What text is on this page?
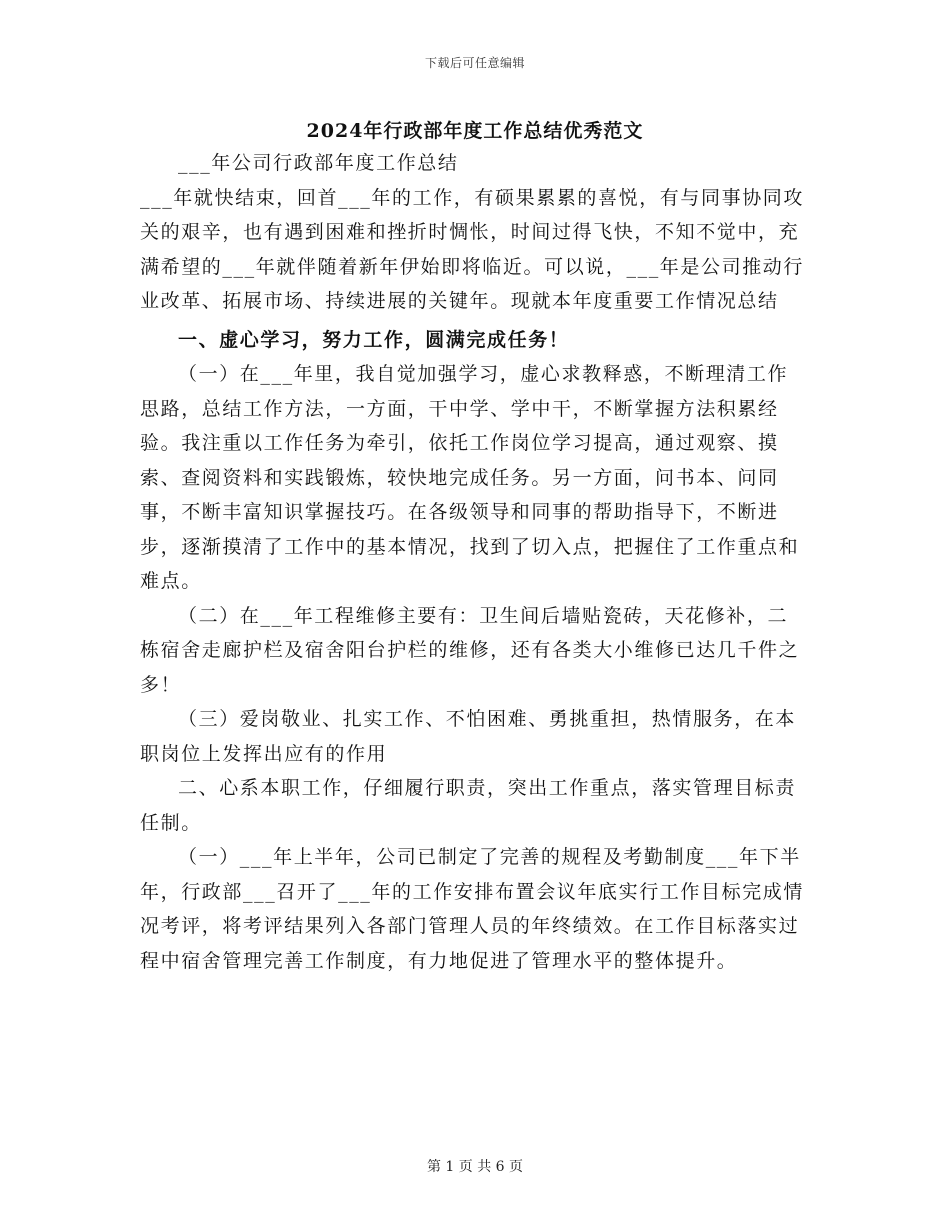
下载后可任意编辑
2024年行政部年度工作总结优秀范文

___年公司行政部年度工作总结

___年就快结束，回首___年的工作，有硕果累累的喜悦，有与同事协同攻关的艰辛，也有遇到困难和挫折时惆怅，时间过得飞快，不知不觉中，充满希望的___年就伴随着新年伊始即将临近。可以说，___年是公司推动行业改革、拓展市场、持续进展的关键年。现就本年度重要工作情况总结

一、虚心学习，努力工作，圆满完成任务！

（一）在___年里，我自觉加强学习，虚心求教释惑，不断理清工作思路，总结工作方法，一方面，干中学、学中干，不断掌握方法积累经验。我注重以工作任务为牵引，依托工作岗位学习提高，通过观察、摸索、查阅资料和实践锻炼，较快地完成任务。另一方面，问书本、问同事，不断丰富知识掌握技巧。在各级领导和同事的帮助指导下，不断进步，逐渐摸清了工作中的基本情况，找到了切入点，把握住了工作重点和难点。

（二）在___年工程维修主要有：卫生间后墙贴瓷砖，天花修补，二栋宿舍走廊护栏及宿舍阳台护栏的维修，还有各类大小维修已达几千件之多！

（三）爱岗敬业、扎实工作、不怕困难、勇挑重担，热情服务，在本职岗位上发挥出应有的作用

二、心系本职工作，仔细履行职责，突出工作重点，落实管理目标责任制。

（一）___年上半年，公司已制定了完善的规程及考勤制度___年下半年，行政部___召开了___年的工作安排布置会议年底实行工作目标完成情况考评，将考评结果列入各部门管理人员的年终绩效。在工作目标落实过程中宿舍管理完善工作制度，有力地促进了管理水平的整体提升。

第 1 页 共 6 页
